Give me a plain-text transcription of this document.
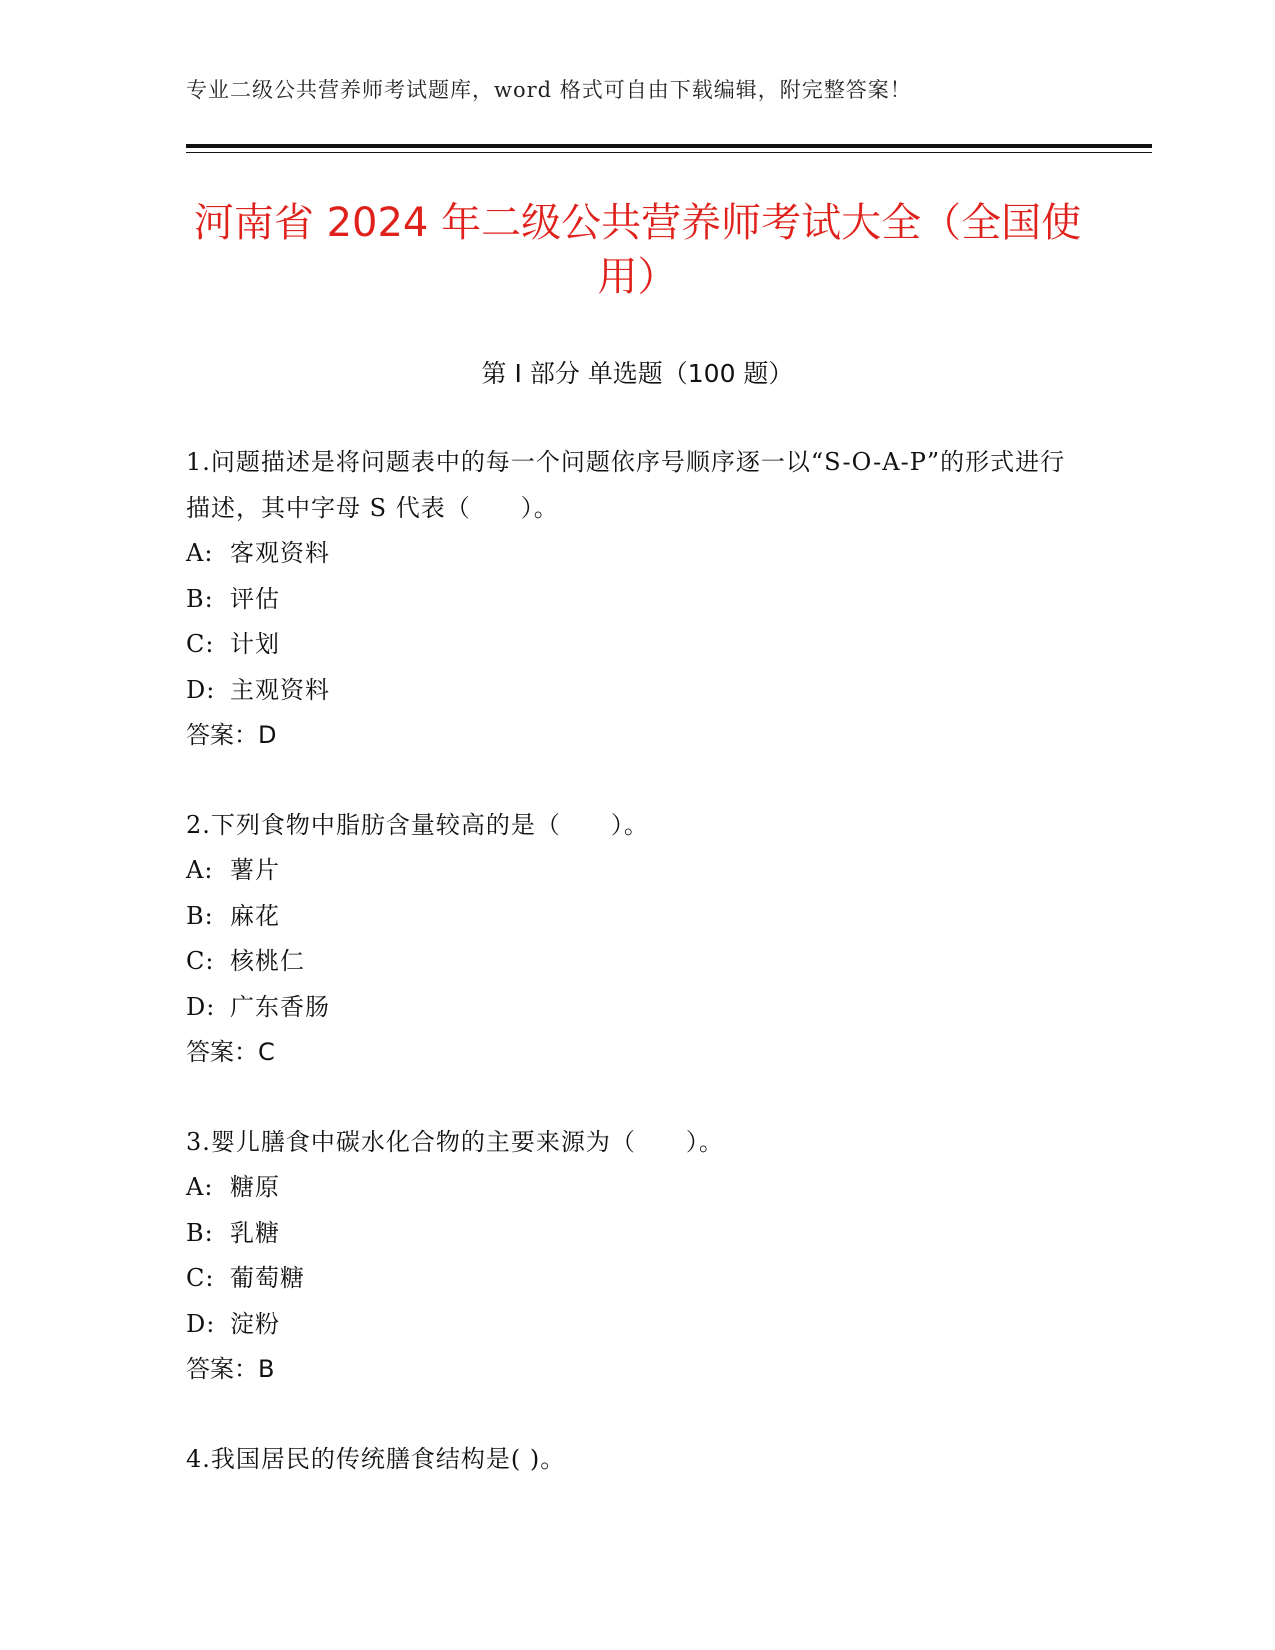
专业二级公共营养师考试题库，word 格式可自由下载编辑，附完整答案！
河南省 2024 年二级公共营养师考试大全（全国使用）
第 I 部分 单选题（100 题）
1.问题描述是将问题表中的每一个问题依序号顺序逐一以“S-O-A-P”的形式进行描述，其中字母 S 代表（　　）。
A: 客观资料
B: 评估
C: 计划
D: 主观资料
答案：D
2.下列食物中脂肪含量较高的是（　　）。
A: 薯片
B: 麻花
C: 核桃仁
D: 广东香肠
答案：C
3.婴儿膳食中碳水化合物的主要来源为（　　）。
A: 糖原
B: 乳糖
C: 葡萄糖
D: 淀粉
答案：B
4.我国居民的传统膳食结构是( )。
